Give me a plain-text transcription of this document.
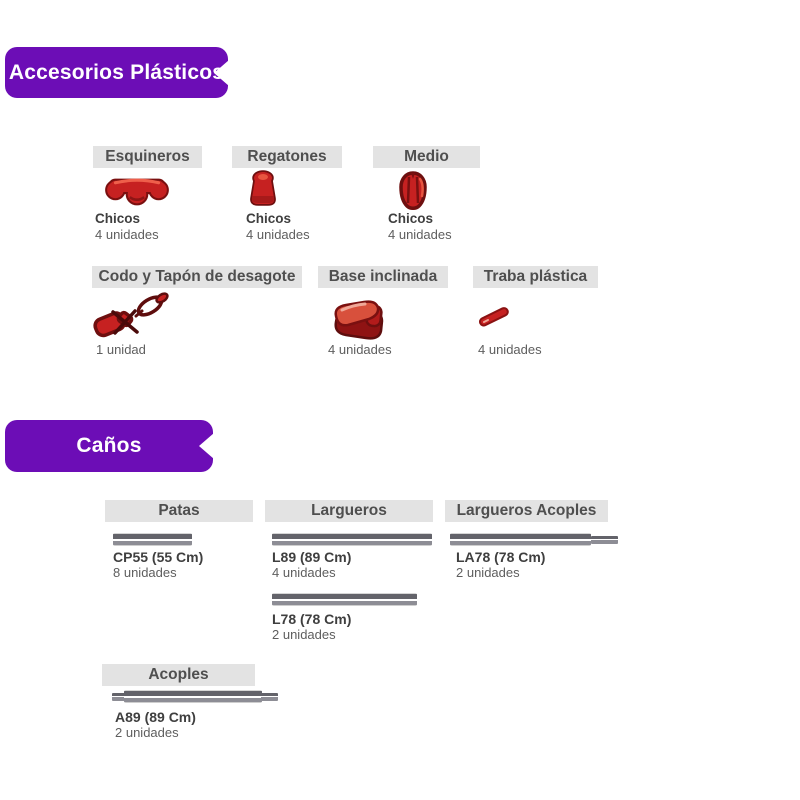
Accesorios Plásticos
Esquineros
Chicos
4 unidades
Regatones
Chicos
4 unidades
Medio
Chicos
4 unidades
Codo y Tapón de desagote
1 unidad
Base inclinada
4 unidades
Traba plástica
4 unidades
Caños
Patas
CP55 (55 Cm)
8 unidades
Largueros
L89 (89 Cm)
4 unidades
Largueros Acoples
LA78 (78 Cm)
2 unidades
L78 (78 Cm)
2 unidades
Acoples
A89 (89 Cm)
2 unidades
